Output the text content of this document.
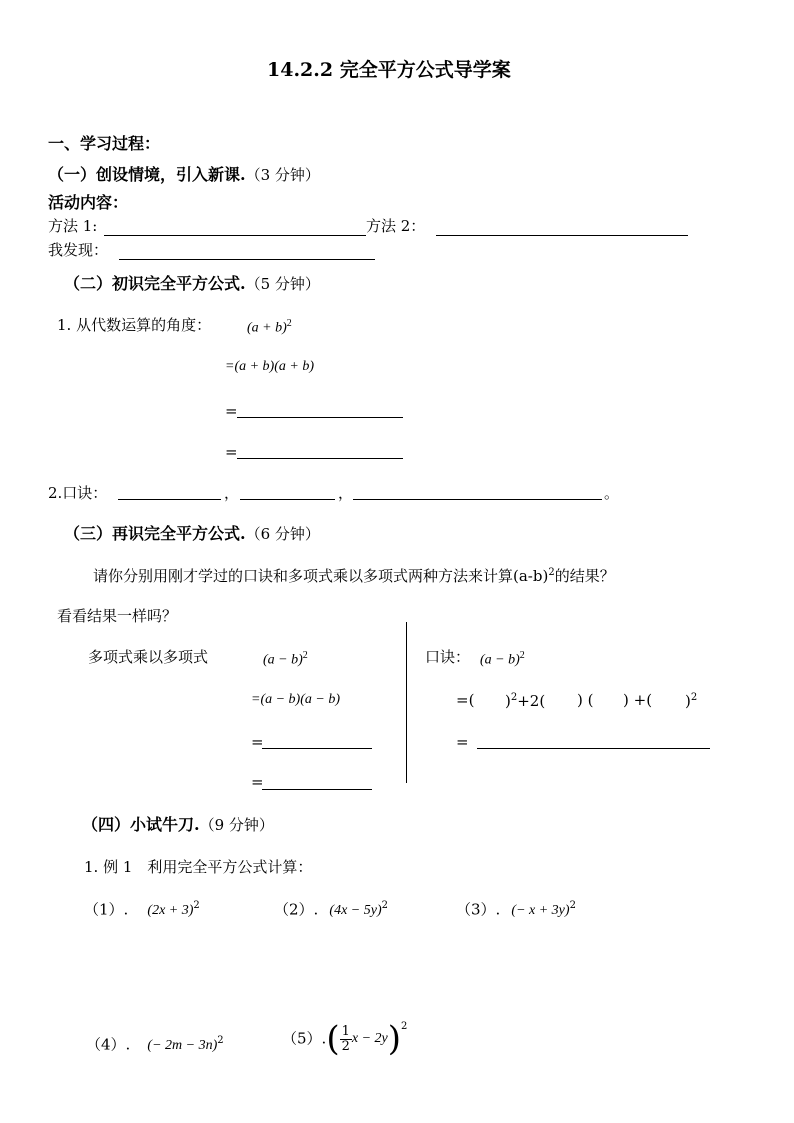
14.2.2 完全平方公式导学案
一、学习过程：
（一）创设情境，引入新课.（3 分钟）
活动内容：
方法 1:	方法 2：
我发现：
（二）初识完全平方公式.（5 分钟）
1. 从代数运算的角度：	$(a + b)^2$
=(a + b)(a + b)
=
=
2.口诀：	，	，	。
（三）再识完全平方公式.（6 分钟）
请你分别用刚才学过的口诀和多项式乘以多项式两种方法来计算$(a-b)^2$的结果？
看看结果一样吗？
多项式乘以多项式	$(a - b)^2$
=(a − b)(a − b)
=
=
口诀： $(a - b)^2$
=( )$^2$+2( ) ( ) +( )$^2$
=
（四）小试牛刀.（9 分钟）
1. 例 1　利用完全平方公式计算：
（1）. $(2x + 3)^2$	（2）. $(4x - 5y)^2$	（3）. (− x + 3y)$^2$
（4）. (− 2m − 3n)$^2$	$(5).( \frac{1}{2}$ $x - 2y)^2$
